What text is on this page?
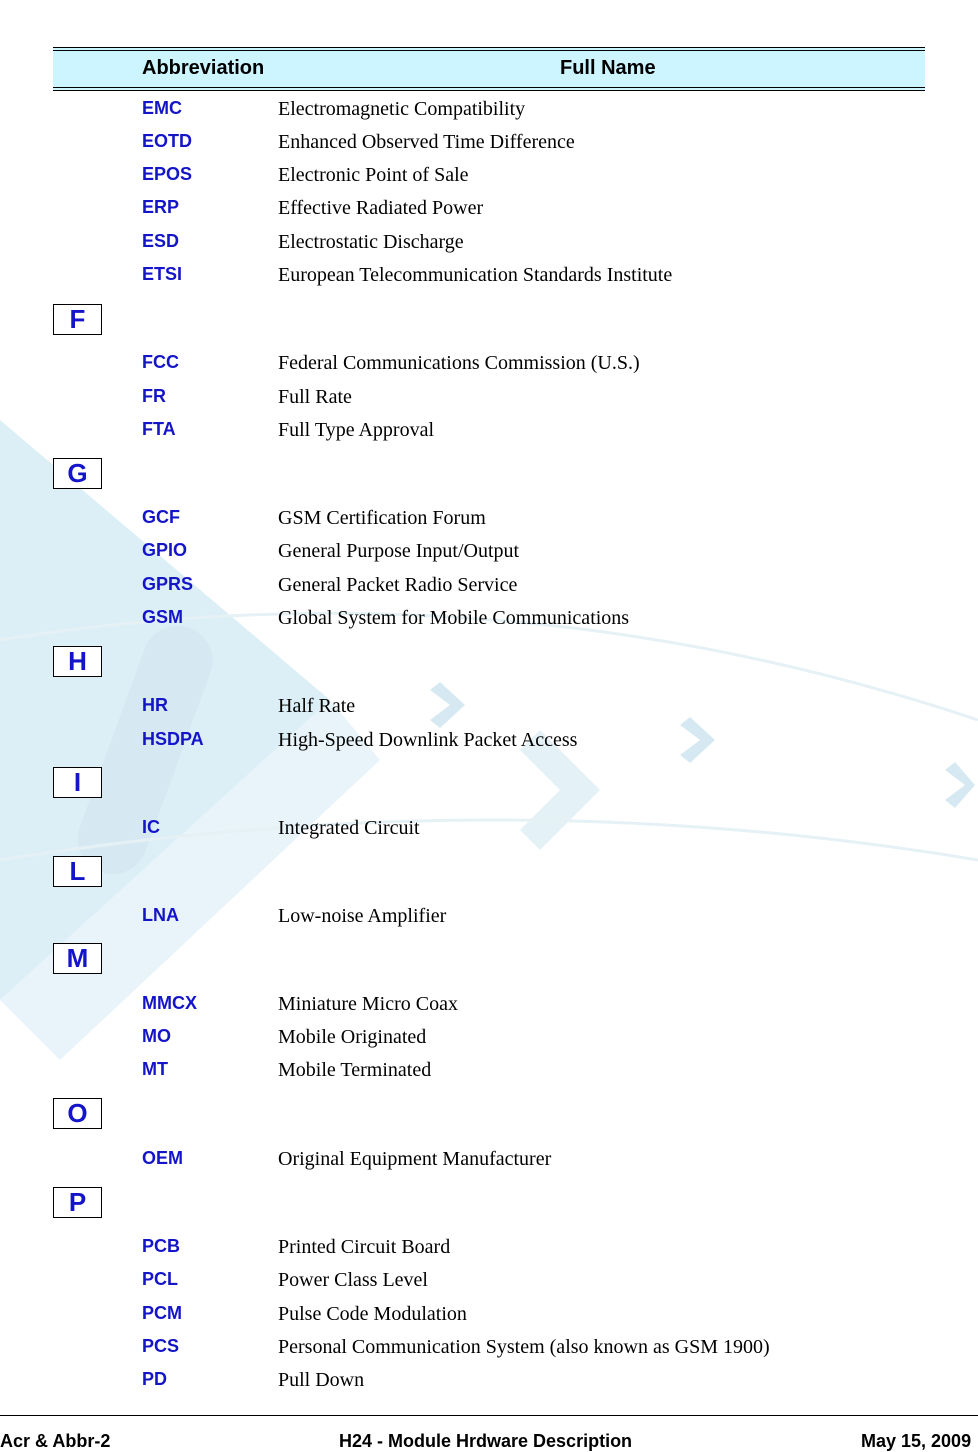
Abbreviation	Full Name
EMC	Electromagnetic Compatibility
EOTD	Enhanced Observed Time Difference
EPOS	Electronic Point of Sale
ERP	Effective Radiated Power
ESD	Electrostatic Discharge
ETSI	European Telecommunication Standards Institute
F
FCC	Federal Communications Commission (U.S.)
FR	Full Rate
FTA	Full Type Approval
G
GCF	GSM Certification Forum
GPIO	General Purpose Input/Output
GPRS	General Packet Radio Service
GSM	Global System for Mobile Communications
H
HR	Half Rate
HSDPA	High-Speed Downlink Packet Access
I
IC	Integrated Circuit
L
LNA	Low-noise Amplifier
M
MMCX	Miniature Micro Coax
MO	Mobile Originated
MT	Mobile Terminated
O
OEM	Original Equipment Manufacturer
P
PCB	Printed Circuit Board
PCL	Power Class Level
PCM	Pulse Code Modulation
PCS	Personal Communication System (also known as GSM 1900)
PD	Pull Down
Acr & Abbr-2	H24 - Module Hrdware Description	May 15, 2009
